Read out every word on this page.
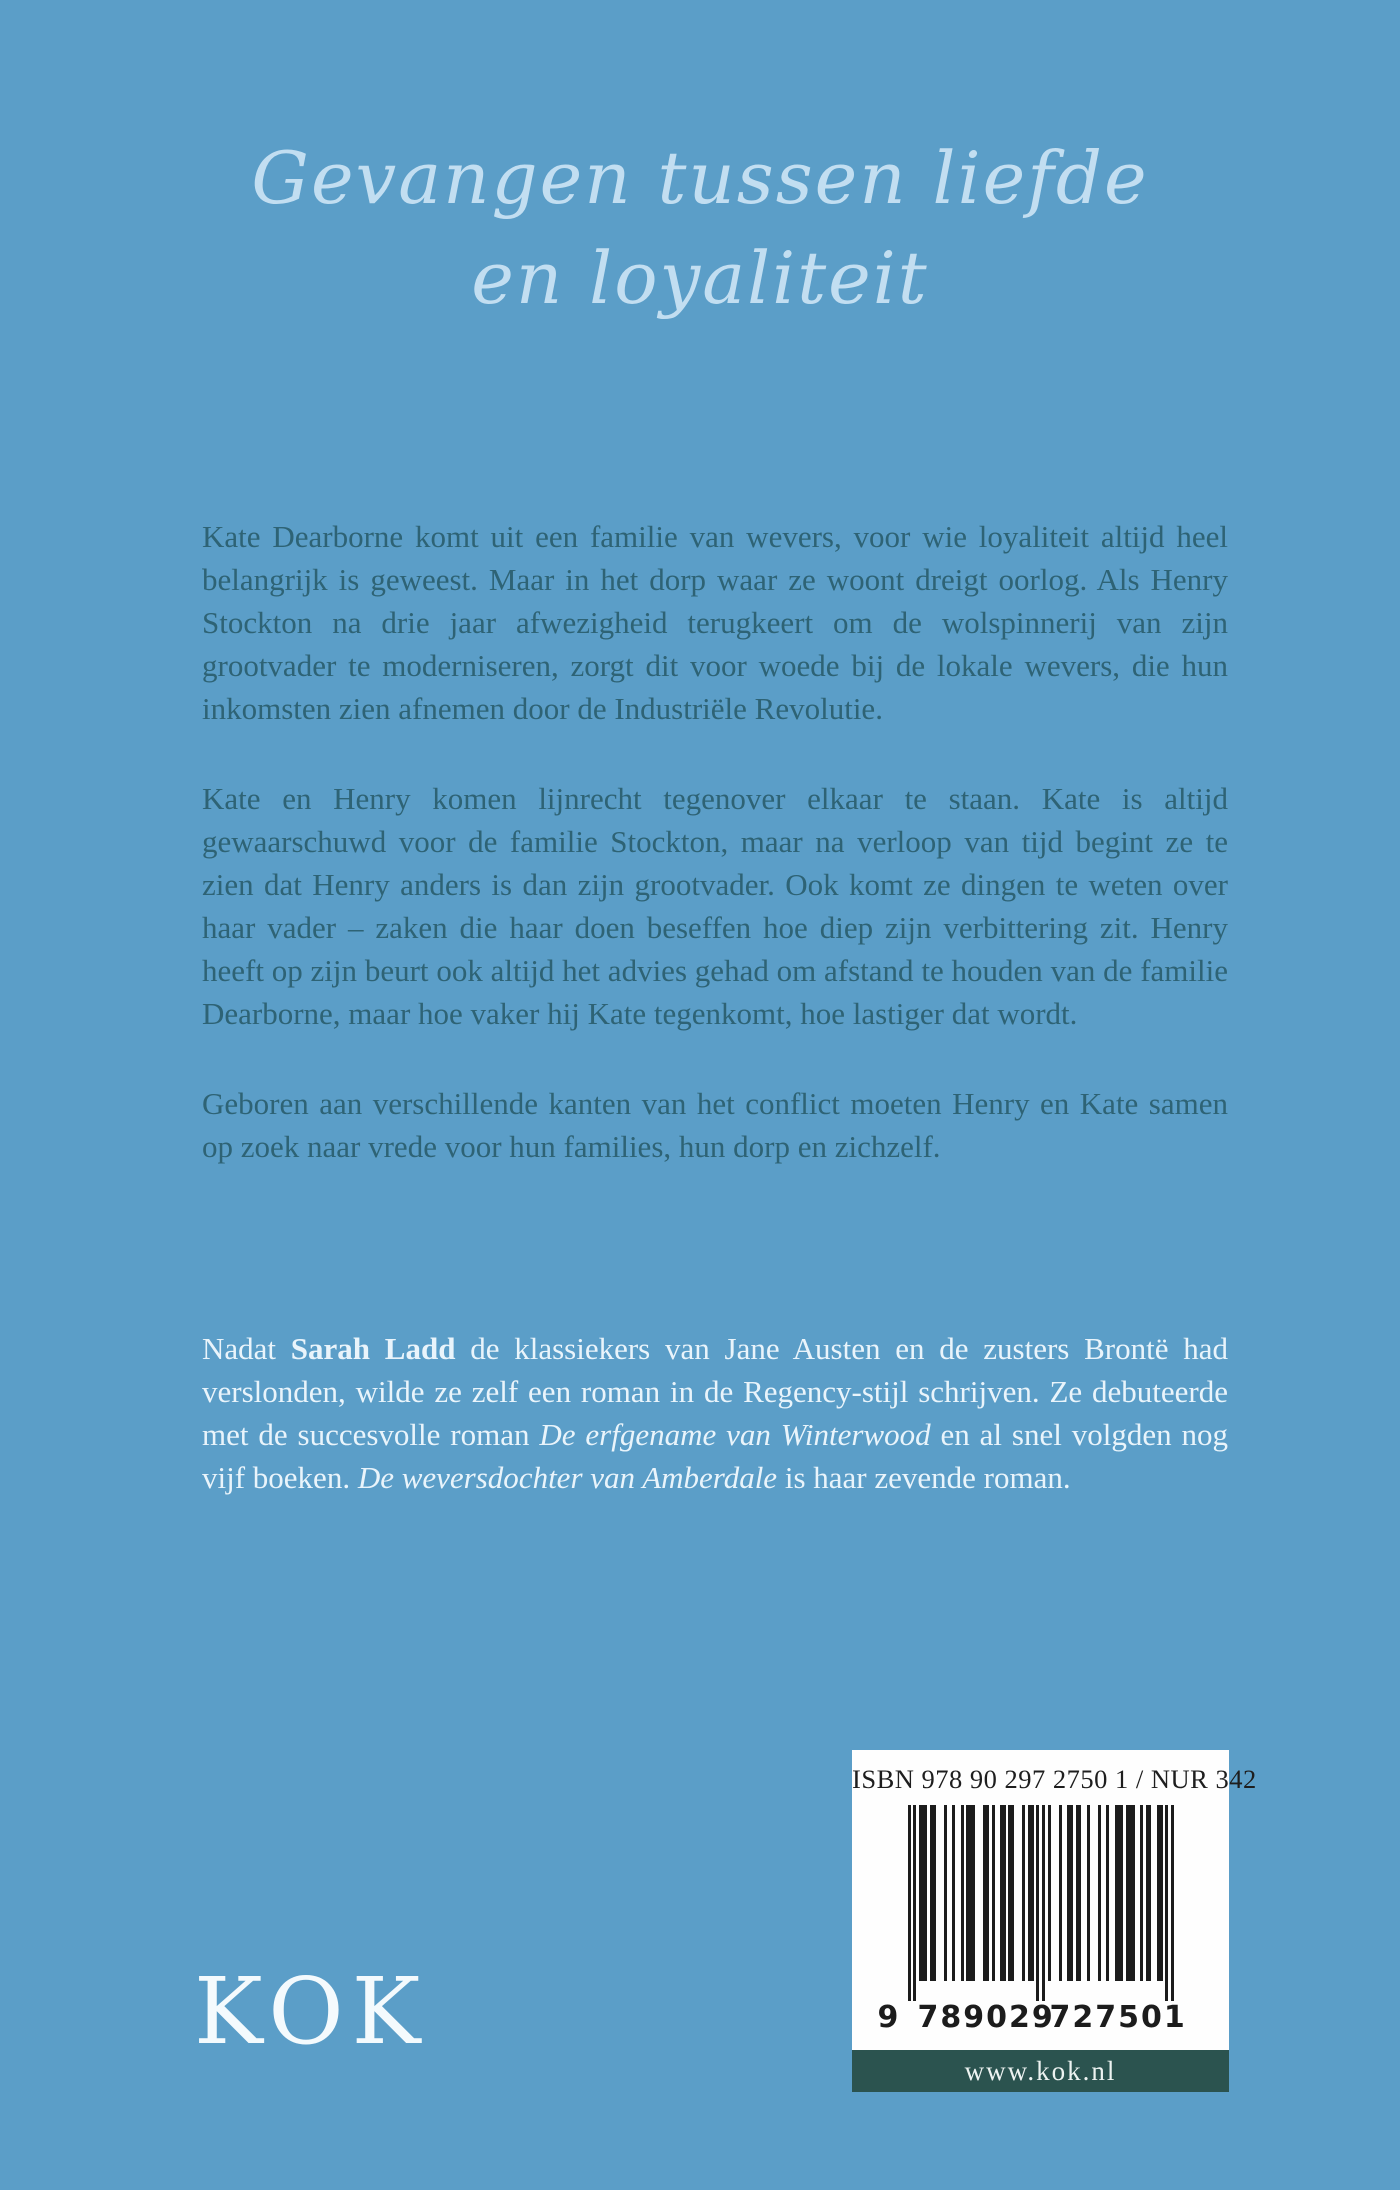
Gevangen tussen liefde
en loyaliteit

Kate Dearborne komt uit een familie van wevers, voor wie loyaliteit altijd heel belangrijk is geweest. Maar in het dorp waar ze woont dreigt oorlog. Als Henry Stockton na drie jaar afwezigheid terugkeert om de wolspinnerij van zijn grootvader te moderniseren, zorgt dit voor woede bij de lokale wevers, die hun inkomsten zien afnemen door de Industriële Revolutie.

Kate en Henry komen lijnrecht tegenover elkaar te staan. Kate is altijd gewaarschuwd voor de familie Stockton, maar na verloop van tijd begint ze te zien dat Henry anders is dan zijn grootvader. Ook komt ze dingen te weten over haar vader – zaken die haar doen beseffen hoe diep zijn verbittering zit. Henry heeft op zijn beurt ook altijd het advies gehad om afstand te houden van de familie Dearborne, maar hoe vaker hij Kate tegenkomt, hoe lastiger dat wordt.

Geboren aan verschillende kanten van het conflict moeten Henry en Kate samen op zoek naar vrede voor hun families, hun dorp en zichzelf.

Nadat Sarah Ladd de klassiekers van Jane Austen en de zusters Brontë had verslonden, wilde ze zelf een roman in de Regency-stijl schrijven. Ze debuteerde met de succesvolle roman De erfgename van Winterwood en al snel volgden nog vijf boeken. De weversdochter van Amberdale is haar zevende roman.
KOK
ISBN 978 90 297 2750 1 / NUR 342
9 789029
727501
www.kok.nl
